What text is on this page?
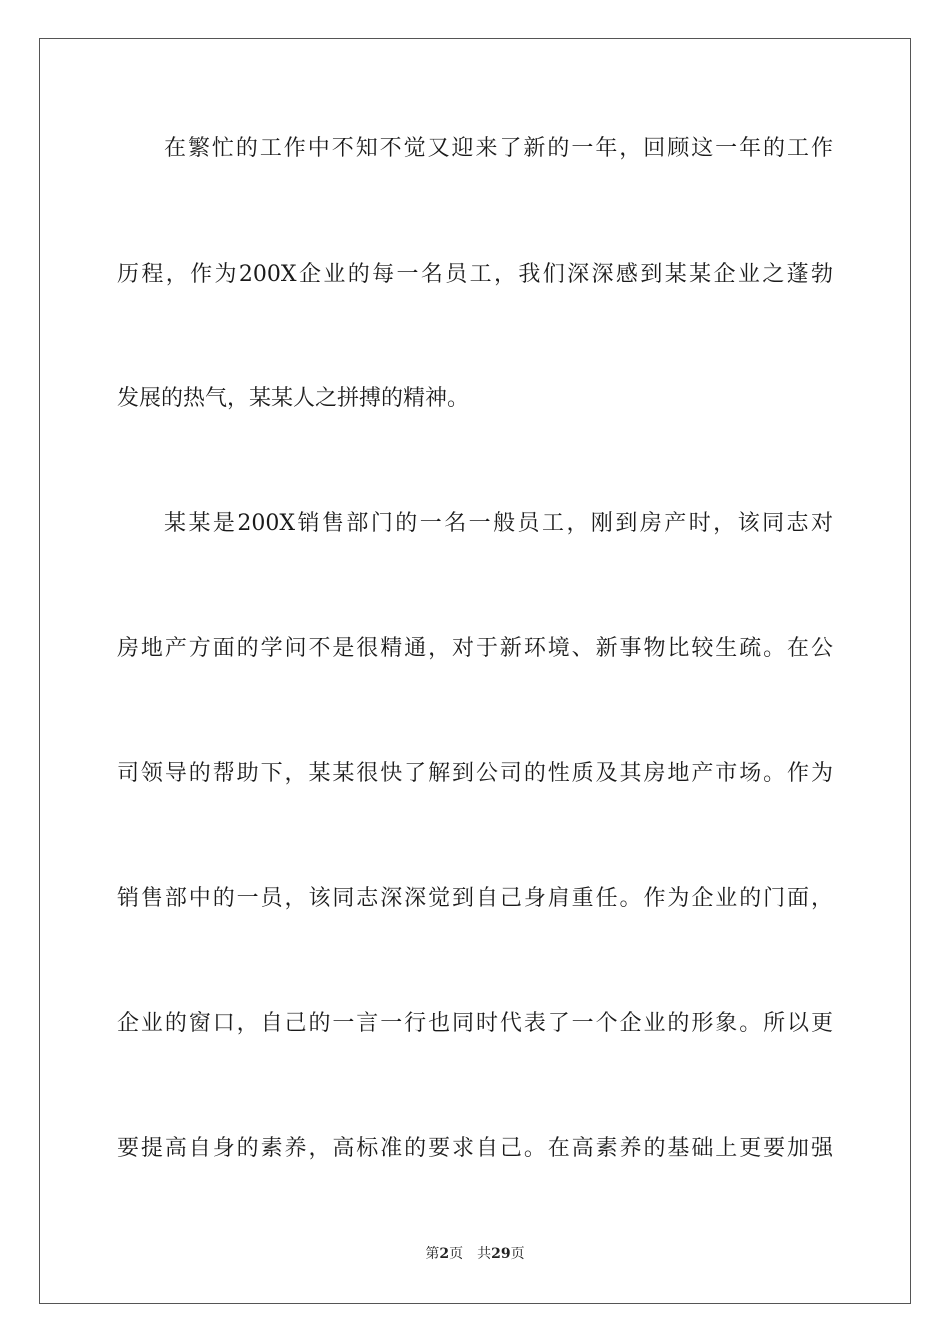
在繁忙的工作中不知不觉又迎来了新的一年，回顾这一年的工作
历程，作为200X企业的每一名员工，我们深深感到某某企业之蓬勃
发展的热气，某某人之拼搏的精神。
某某是200X销售部门的一名一般员工，刚到房产时，该同志对
房地产方面的学问不是很精通，对于新环境、新事物比较生疏。在公
司领导的帮助下，某某很快了解到公司的性质及其房地产市场。作为
销售部中的一员，该同志深深觉到自己身肩重任。作为企业的门面，
企业的窗口，自己的一言一行也同时代表了一个企业的形象。所以更
要提高自身的素养，高标准的要求自己。在高素养的基础上更要加强
第2页 共29页
